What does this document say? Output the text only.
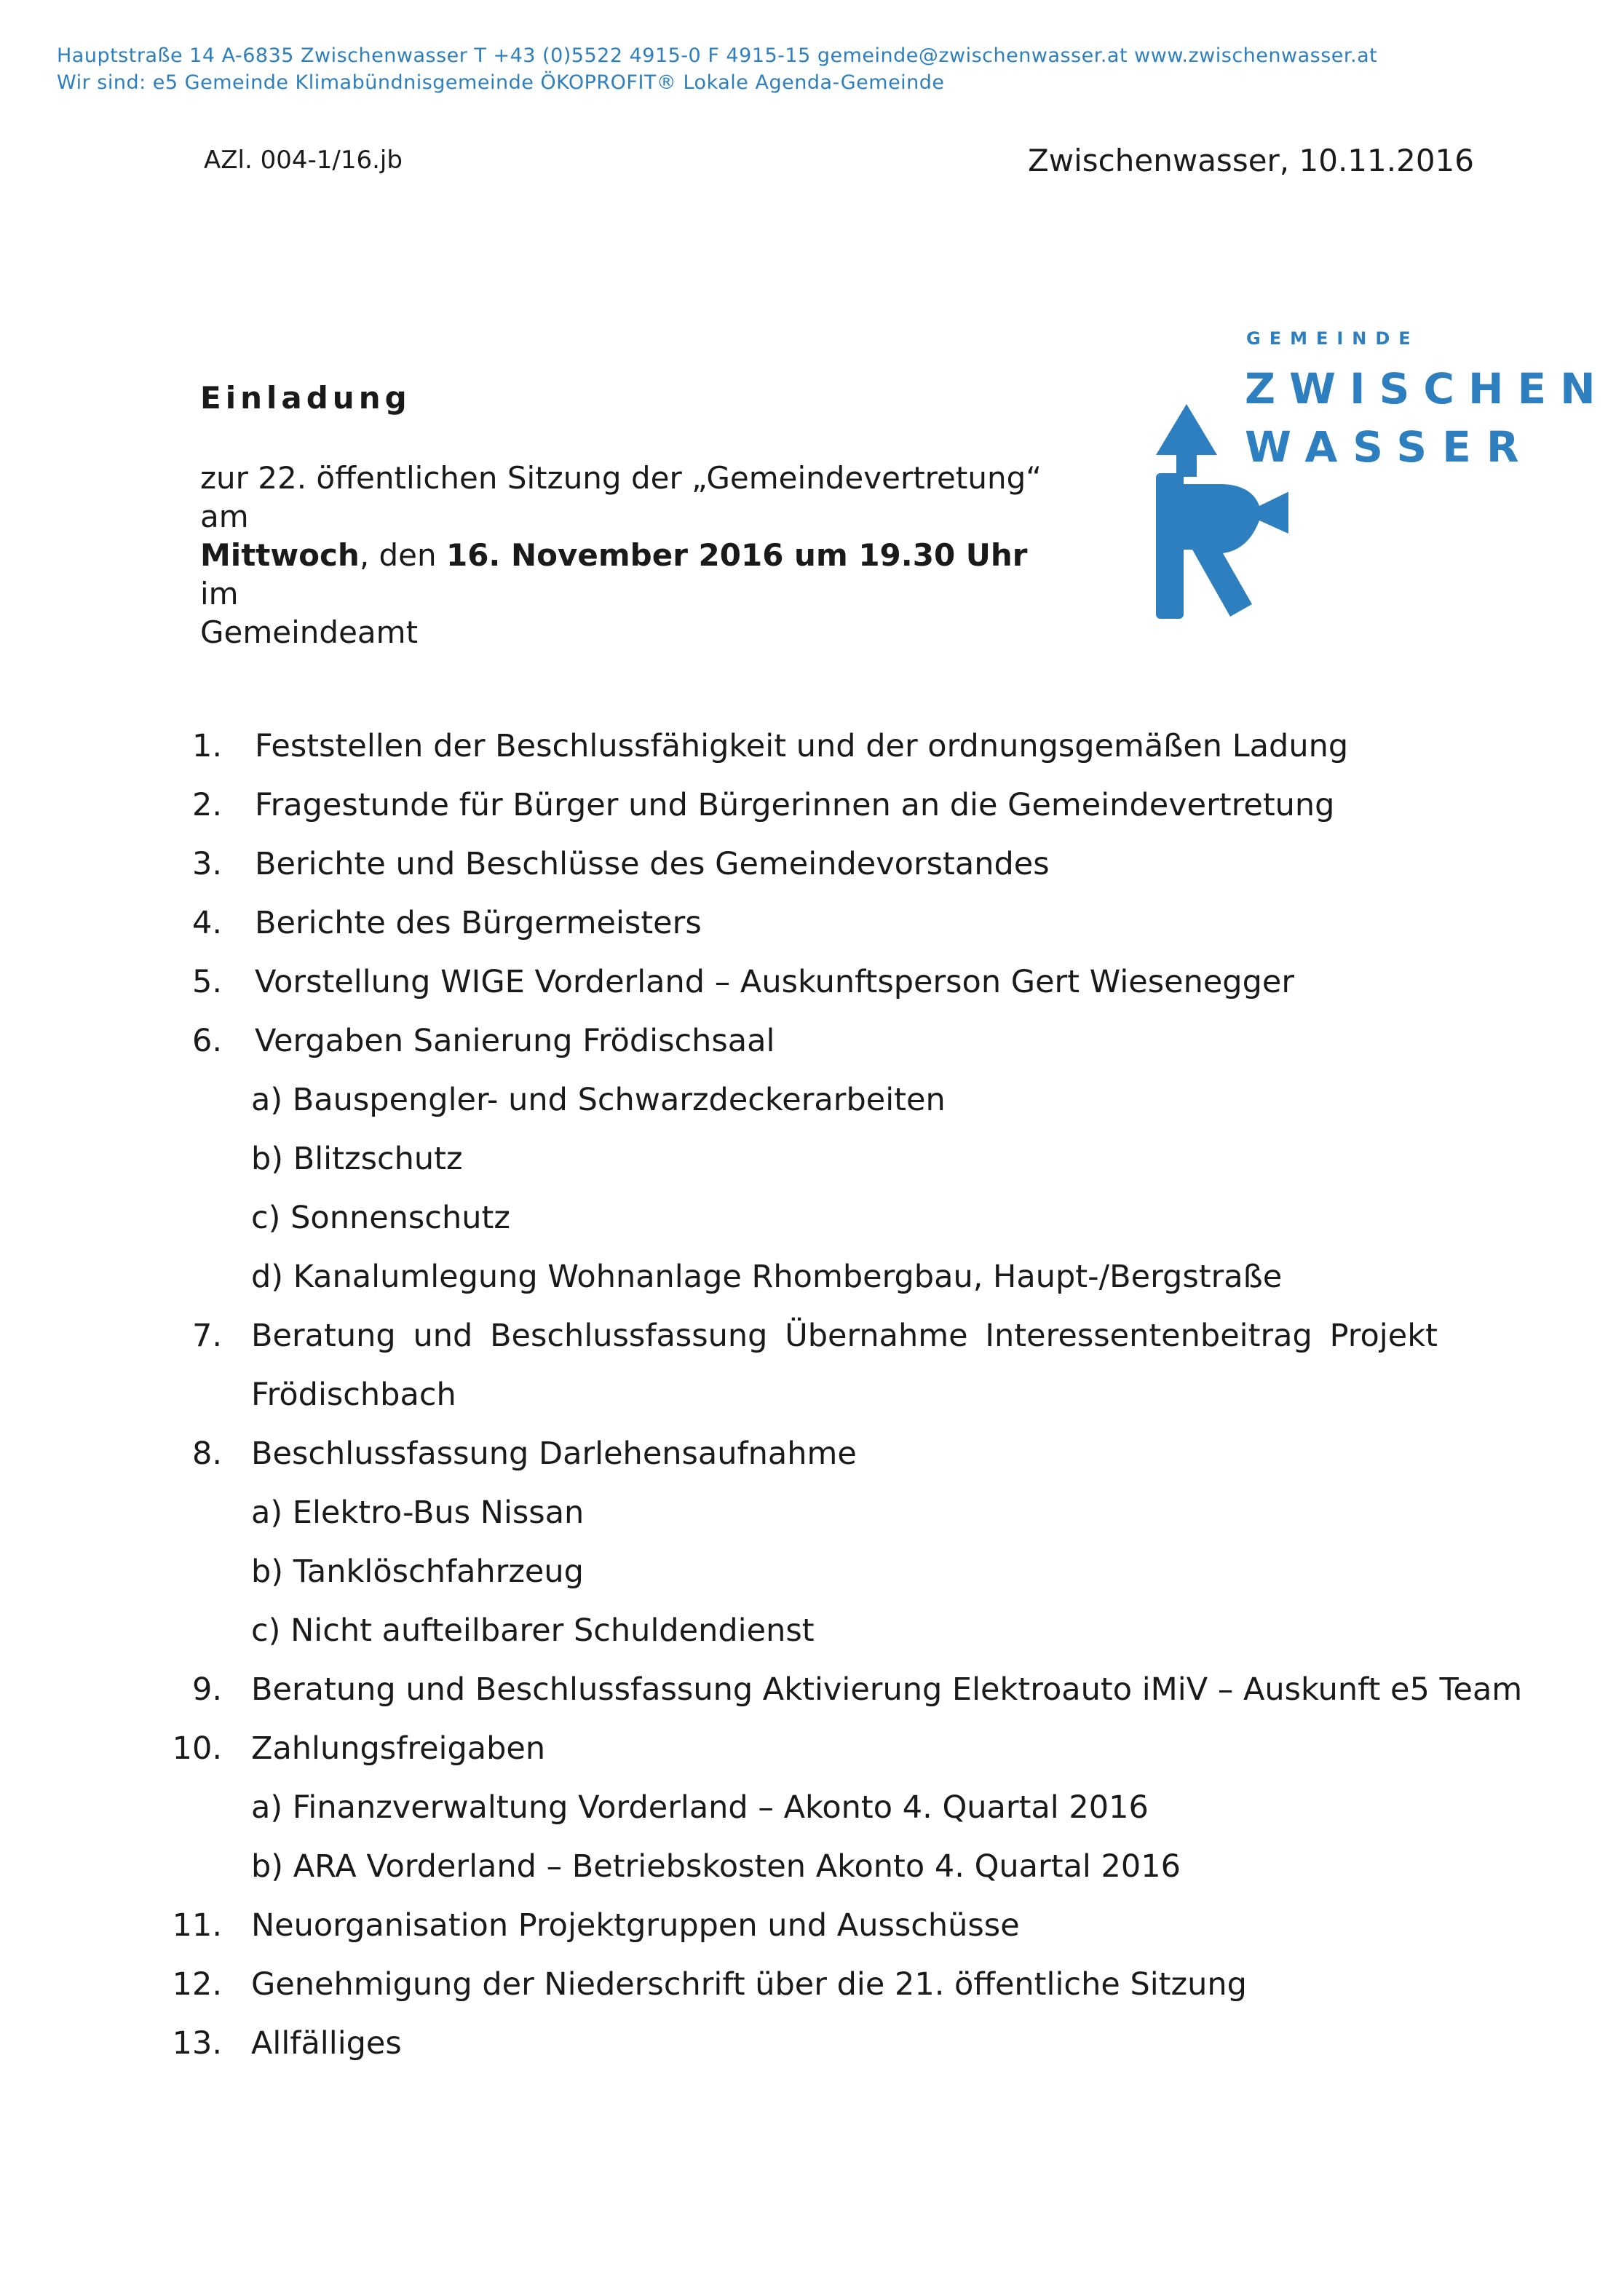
Hauptstraße 14 A-6835 Zwischenwasser T +43 (0)5522 4915-0 F 4915-15 gemeinde@zwischenwasser.at www.zwischenwasser.at
Wir sind: e5 Gemeinde Klimabündnisgemeinde ÖKOPROFIT® Lokale Agenda-Gemeinde
AZl. 004-1/16.jb	Zwischenwasser, 10.11.2016
GEMEINDE
ZWISCHEN
WASSER
Einladung
zur 22. öffentlichen Sitzung der „Gemeindevertretung“ am
Mittwoch, den 16. November 2016 um 19.30 Uhr im
Gemeindeamt
1. Feststellen der Beschlussfähigkeit und der ordnungsgemäßen Ladung
2. Fragestunde für Bürger und Bürgerinnen an die Gemeindevertretung
3. Berichte und Beschlüsse des Gemeindevorstandes
4. Berichte des Bürgermeisters
5. Vorstellung WIGE Vorderland – Auskunftsperson Gert Wiesenegger
6. Vergaben Sanierung Frödischsaal
a) Bauspengler- und Schwarzdeckerarbeiten
b) Blitzschutz
c) Sonnenschutz
d) Kanalumlegung Wohnanlage Rhombergbau, Haupt-/Bergstraße
7. Beratung und Beschlussfassung Übernahme Interessentenbeitrag Projekt
Frödischbach
8. Beschlussfassung Darlehensaufnahme
a) Elektro-Bus Nissan
b) Tanklöschfahrzeug
c) Nicht aufteilbarer Schuldendienst
9. Beratung und Beschlussfassung Aktivierung Elektroauto iMiV – Auskunft e5 Team
10. Zahlungsfreigaben
a) Finanzverwaltung Vorderland – Akonto 4. Quartal 2016
b) ARA Vorderland – Betriebskosten Akonto 4. Quartal 2016
11. Neuorganisation Projektgruppen und Ausschüsse
12. Genehmigung der Niederschrift über die 21. öffentliche Sitzung
13. Allfälliges
